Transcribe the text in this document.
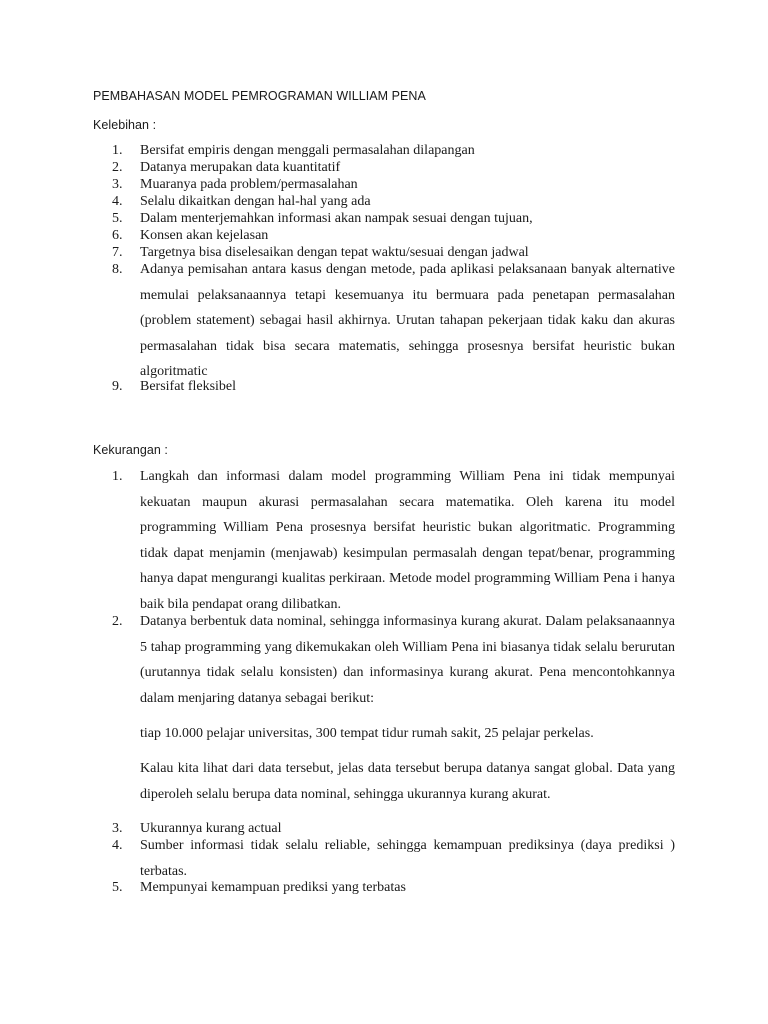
PEMBAHASAN MODEL PEMROGRAMAN WILLIAM PENA
Kelebihan :
1.	Bersifat empiris dengan menggali permasalahan dilapangan
2.	Datanya merupakan data kuantitatif
3.	Muaranya pada problem/permasalahan
4.	Selalu dikaitkan dengan hal-hal yang ada
5.	Dalam menterjemahkan informasi akan nampak sesuai dengan tujuan,
6.	Konsen akan kejelasan
7.	Targetnya bisa diselesaikan dengan tepat waktu/sesuai dengan jadwal
8.	Adanya pemisahan antara kasus dengan metode, pada aplikasi pelaksanaan banyak alternative memulai pelaksanaannya tetapi kesemuanya itu bermuara pada penetapan permasalahan (problem statement) sebagai hasil akhirnya. Urutan tahapan pekerjaan tidak kaku dan akuras permasalahan tidak bisa secara matematis, sehingga prosesnya bersifat heuristic bukan algoritmatic
9.	Bersifat fleksibel
Kekurangan :
1.	Langkah dan informasi dalam model programming William Pena ini tidak mempunyai kekuatan maupun akurasi permasalahan secara matematika. Oleh karena itu model programming William Pena prosesnya bersifat heuristic bukan algoritmatic. Programming tidak dapat menjamin (menjawab) kesimpulan permasalah dengan tepat/benar, programming hanya dapat mengurangi kualitas perkiraan. Metode model programming William Pena i hanya baik bila pendapat orang dilibatkan.
2.	Datanya berbentuk data nominal, sehingga informasinya kurang akurat. Dalam pelaksanaannya 5 tahap programming yang dikemukakan oleh William Pena ini biasanya tidak selalu berurutan (urutannya tidak selalu konsisten) dan informasinya kurang akurat. Pena mencontohkannya dalam menjaring datanya sebagai berikut:
tiap 10.000 pelajar universitas, 300 tempat tidur rumah sakit, 25 pelajar perkelas.
Kalau kita lihat dari data tersebut, jelas data tersebut berupa datanya sangat global. Data yang diperoleh selalu berupa data nominal, sehingga ukurannya kurang akurat.
3.	Ukurannya kurang actual
4.	Sumber informasi tidak selalu reliable, sehingga kemampuan prediksinya (daya prediksi ) terbatas.
5.	Mempunyai kemampuan prediksi yang terbatas
